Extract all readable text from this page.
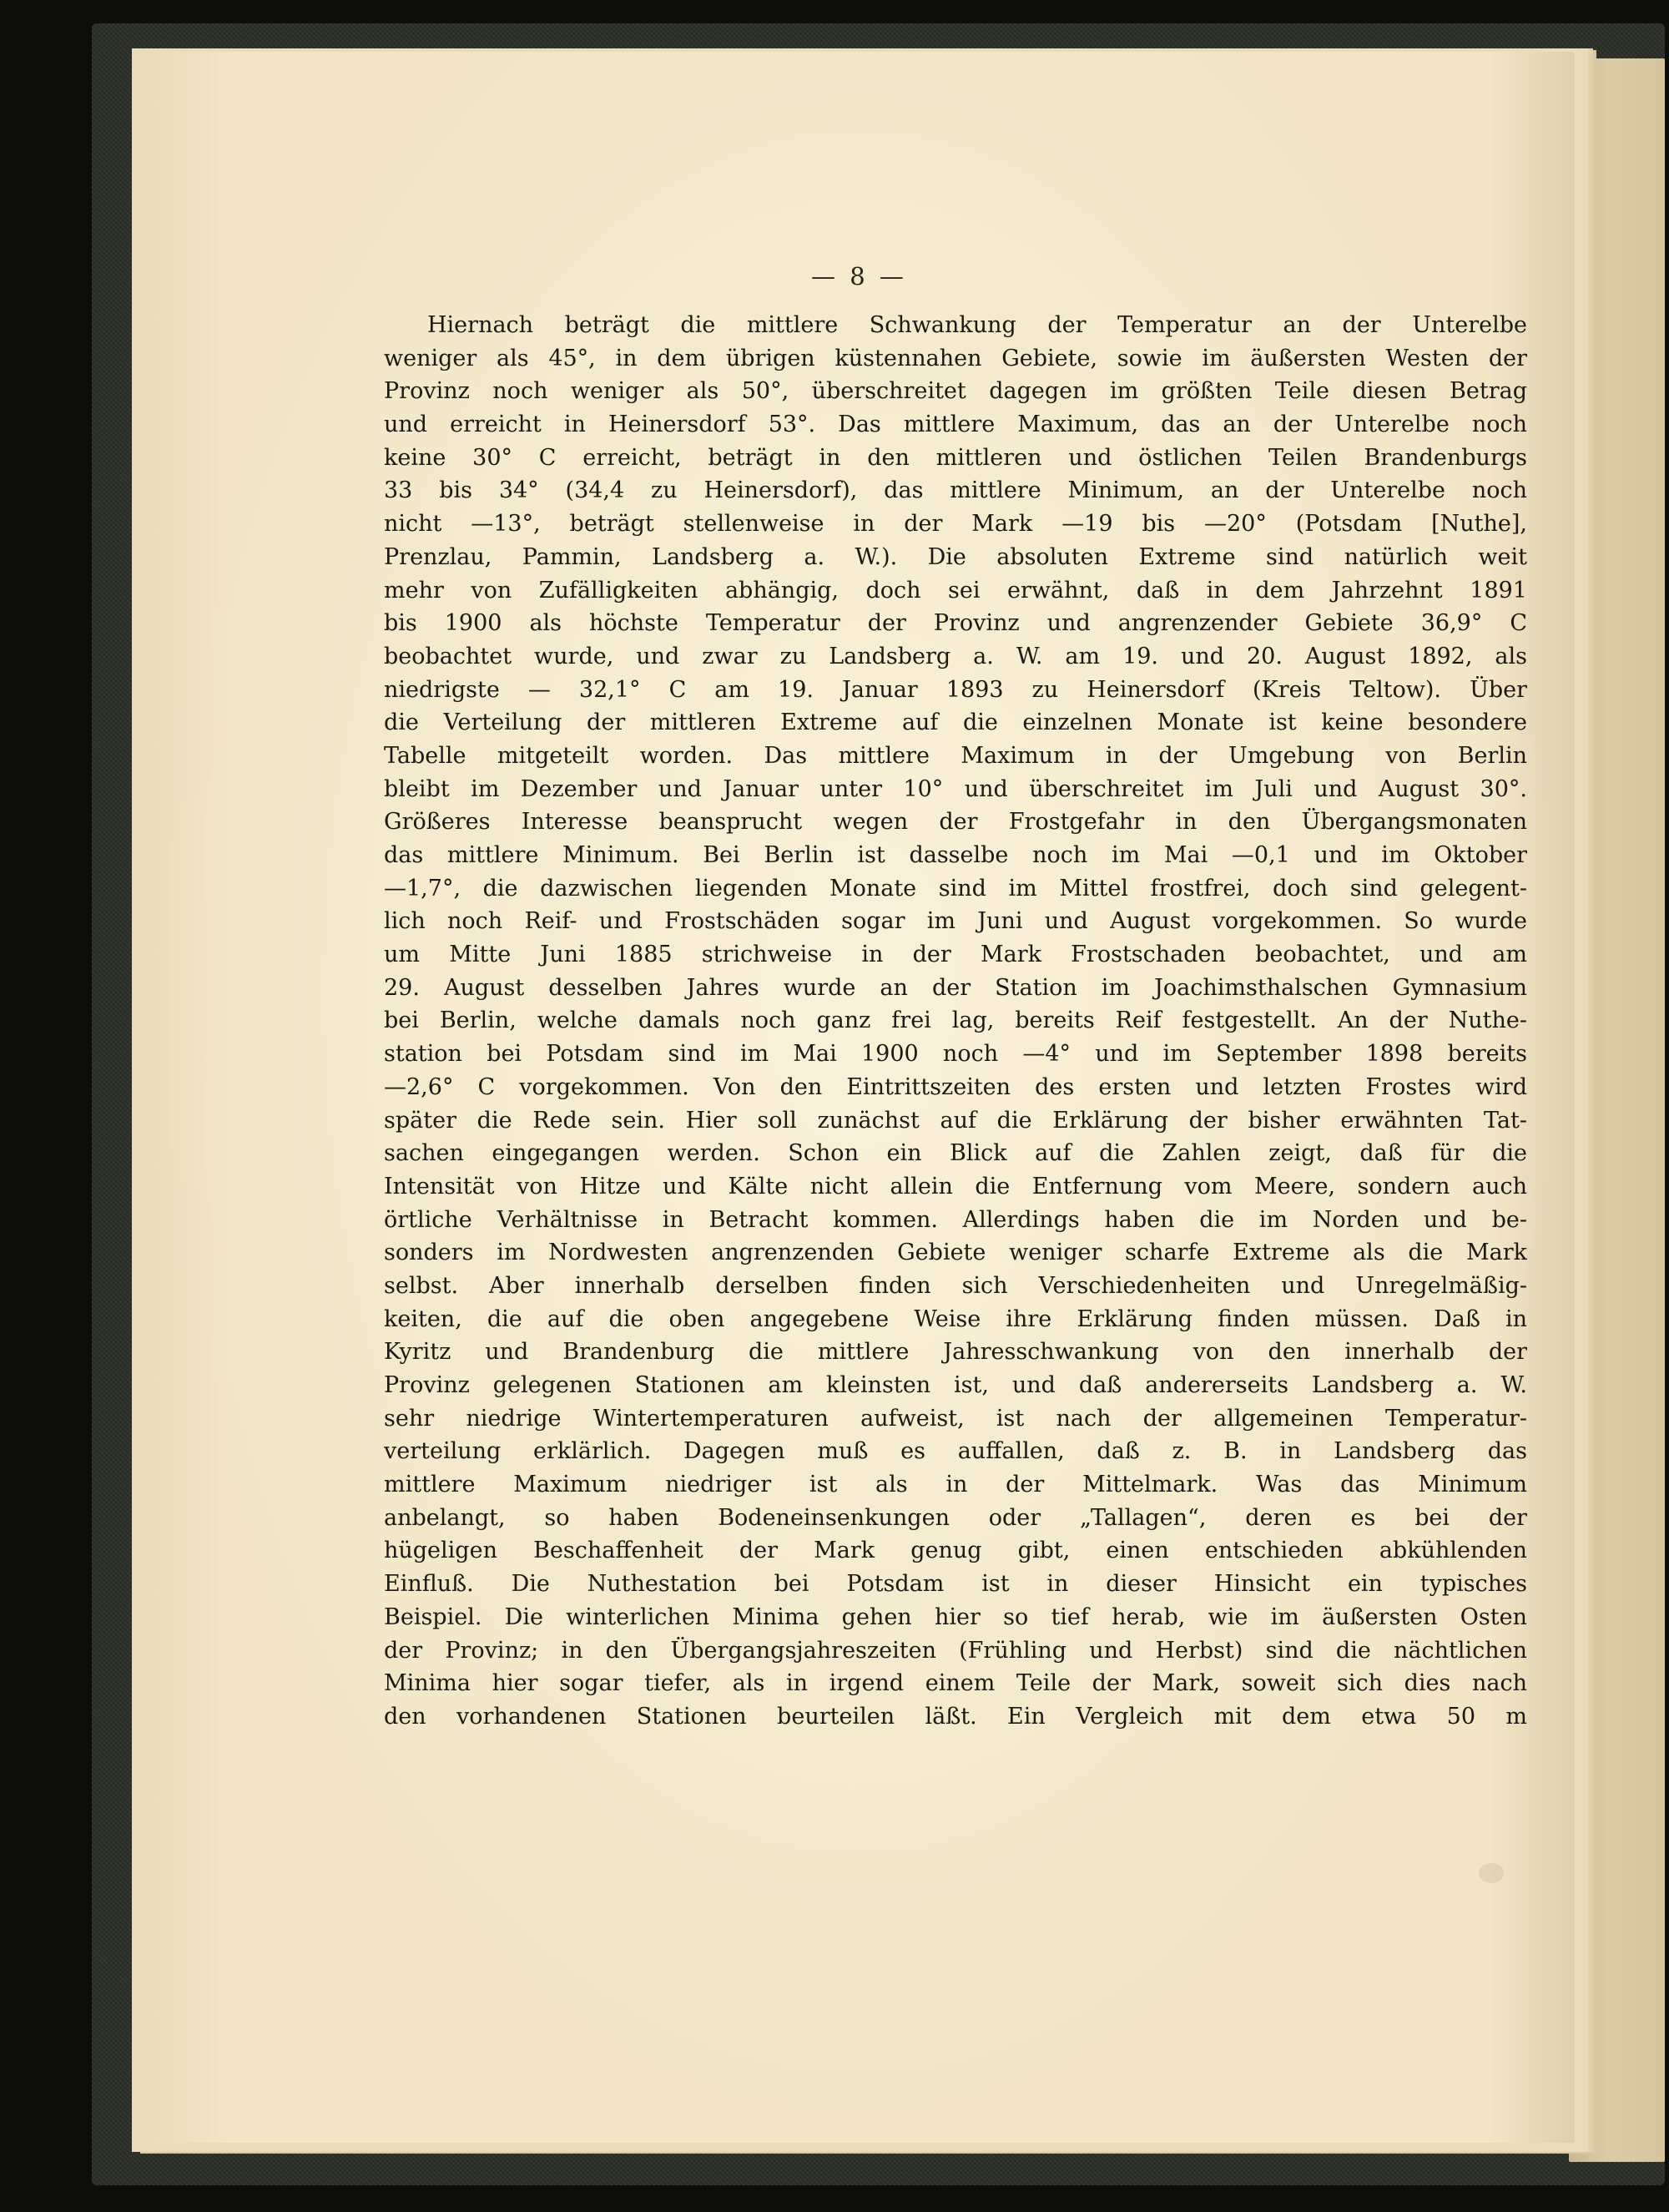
— 8 —
Hiernach beträgt die mittlere Schwankung der Temperatur an der Unterelbe
weniger als 45°, in dem übrigen küstennahen Gebiete, sowie im äußersten Westen der
Provinz noch weniger als 50°, überschreitet dagegen im größten Teile diesen Betrag
und erreicht in Heinersdorf 53°. Das mittlere Maximum, das an der Unterelbe noch
keine 30° C erreicht, beträgt in den mittleren und östlichen Teilen Brandenburgs
33 bis 34° (34,4 zu Heinersdorf), das mittlere Minimum, an der Unterelbe noch
nicht —13°, beträgt stellenweise in der Mark —19 bis —20° (Potsdam [Nuthe],
Prenzlau, Pammin, Landsberg a. W.). Die absoluten Extreme sind natürlich weit
mehr von Zufälligkeiten abhängig, doch sei erwähnt, daß in dem Jahrzehnt 1891
bis 1900 als höchste Temperatur der Provinz und angrenzender Gebiete 36,9° C
beobachtet wurde, und zwar zu Landsberg a. W. am 19. und 20. August 1892, als
niedrigste — 32,1° C am 19. Januar 1893 zu Heinersdorf (Kreis Teltow). Über
die Verteilung der mittleren Extreme auf die einzelnen Monate ist keine besondere
Tabelle mitgeteilt worden. Das mittlere Maximum in der Umgebung von Berlin
bleibt im Dezember und Januar unter 10° und überschreitet im Juli und August 30°.
Größeres Interesse beansprucht wegen der Frostgefahr in den Übergangsmonaten
das mittlere Minimum. Bei Berlin ist dasselbe noch im Mai —0,1 und im Oktober
—1,7°, die dazwischen liegenden Monate sind im Mittel frostfrei, doch sind gelegent-
lich noch Reif- und Frostschäden sogar im Juni und August vorgekommen. So wurde
um Mitte Juni 1885 strichweise in der Mark Frostschaden beobachtet, und am
29. August desselben Jahres wurde an der Station im Joachimsthalschen Gymnasium
bei Berlin, welche damals noch ganz frei lag, bereits Reif festgestellt. An der Nuthe-
station bei Potsdam sind im Mai 1900 noch —4° und im September 1898 bereits
—2,6° C vorgekommen. Von den Eintrittszeiten des ersten und letzten Frostes wird
später die Rede sein. Hier soll zunächst auf die Erklärung der bisher erwähnten Tat-
sachen eingegangen werden. Schon ein Blick auf die Zahlen zeigt, daß für die
Intensität von Hitze und Kälte nicht allein die Entfernung vom Meere, sondern auch
örtliche Verhältnisse in Betracht kommen. Allerdings haben die im Norden und be-
sonders im Nordwesten angrenzenden Gebiete weniger scharfe Extreme als die Mark
selbst. Aber innerhalb derselben finden sich Verschiedenheiten und Unregelmäßig-
keiten, die auf die oben angegebene Weise ihre Erklärung finden müssen. Daß in
Kyritz und Brandenburg die mittlere Jahresschwankung von den innerhalb der
Provinz gelegenen Stationen am kleinsten ist, und daß andererseits Landsberg a. W.
sehr niedrige Wintertemperaturen aufweist, ist nach der allgemeinen Temperatur-
verteilung erklärlich. Dagegen muß es auffallen, daß z. B. in Landsberg das
mittlere Maximum niedriger ist als in der Mittelmark. Was das Minimum
anbelangt, so haben Bodeneinsenkungen oder „Tallagen“, deren es bei der
hügeligen Beschaffenheit der Mark genug gibt, einen entschieden abkühlenden
Einfluß. Die Nuthestation bei Potsdam ist in dieser Hinsicht ein typisches
Beispiel. Die winterlichen Minima gehen hier so tief herab, wie im äußersten Osten
der Provinz; in den Übergangsjahreszeiten (Frühling und Herbst) sind die nächtlichen
Minima hier sogar tiefer, als in irgend einem Teile der Mark, soweit sich dies nach
den vorhandenen Stationen beurteilen läßt. Ein Vergleich mit dem etwa 50 m
